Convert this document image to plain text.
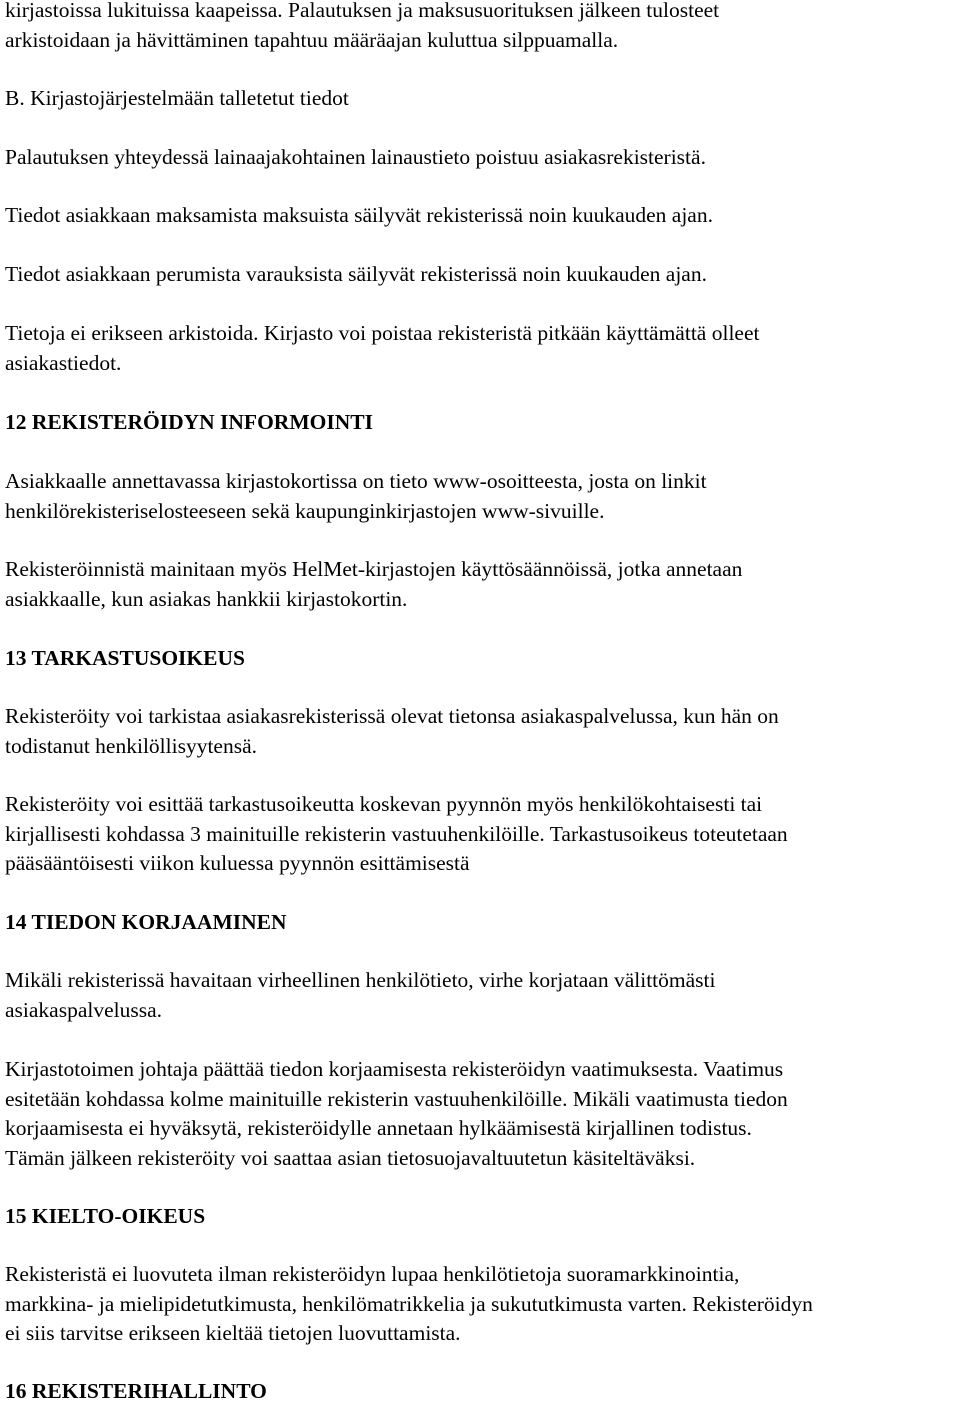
kirjastoissa lukituissa kaapeissa. Palautuksen ja maksusuorituksen jälkeen tulosteet
arkistoidaan ja hävittäminen tapahtuu määräajan kuluttua silppuamalla.

B. Kirjastojärjestelmään talletetut tiedot

Palautuksen yhteydessä lainaajakohtainen lainaustieto poistuu asiakasrekisteristä.

Tiedot asiakkaan maksamista maksuista säilyvät rekisterissä noin kuukauden ajan.

Tiedot asiakkaan perumista varauksista säilyvät rekisterissä noin kuukauden ajan.

Tietoja ei erikseen arkistoida. Kirjasto voi poistaa rekisteristä pitkään käyttämättä olleet
asiakastiedot.

12 REKISTERÖIDYN INFORMOINTI

Asiakkaalle annettavassa kirjastokortissa on tieto www-osoitteesta, josta on linkit
henkilörekisteriselosteeseen sekä kaupunginkirjastojen www-sivuille.

Rekisteröinnistä mainitaan myös HelMet-kirjastojen käyttösäännöissä, jotka annetaan
asiakkaalle, kun asiakas hankkii kirjastokortin.

13 TARKASTUSOIKEUS

Rekisteröity voi tarkistaa asiakasrekisterissä olevat tietonsa asiakaspalvelussa, kun hän on
todistanut henkilöllisyytensä.

Rekisteröity voi esittää tarkastusoikeutta koskevan pyynnön myös henkilökohtaisesti tai
kirjallisesti kohdassa 3 mainituille rekisterin vastuuhenkilöille. Tarkastusoikeus toteutetaan
pääsääntöisesti viikon kuluessa pyynnön esittämisestä

14 TIEDON KORJAAMINEN

Mikäli rekisterissä havaitaan virheellinen henkilötieto, virhe korjataan välittömästi
asiakaspalvelussa.

Kirjastotoimen johtaja päättää tiedon korjaamisesta rekisteröidyn vaatimuksesta. Vaatimus
esitetään kohdassa kolme mainituille rekisterin vastuuhenkilöille. Mikäli vaatimusta tiedon
korjaamisesta ei hyväksytä, rekisteröidylle annetaan hylkäämisestä kirjallinen todistus.
Tämän jälkeen rekisteröity voi saattaa asian tietosuojavaltuutetun käsiteltäväksi.

15 KIELTO-OIKEUS

Rekisteristä ei luovuteta ilman rekisteröidyn lupaa henkilötietoja suoramarkkinointia,
markkina- ja mielipidetutkimusta, henkilömatrikkelia ja sukututkimusta varten. Rekisteröidyn
ei siis tarvitse erikseen kieltää tietojen luovuttamista.

16 REKISTERIHALLINTO
